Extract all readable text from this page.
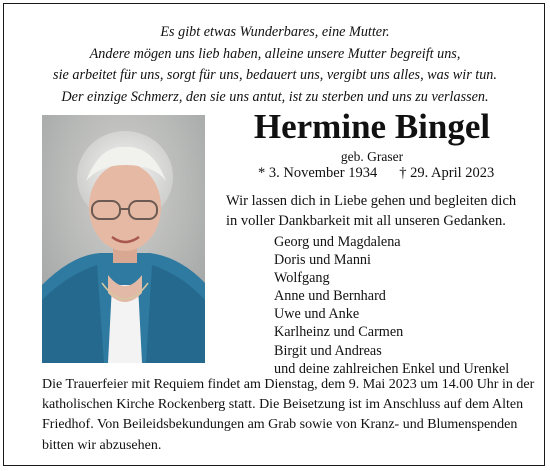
Es gibt etwas Wunderbares, eine Mutter.
Andere mögen uns lieb haben, alleine unsere Mutter begreift uns,
sie arbeitet für uns, sorgt für uns, bedauert uns, vergibt uns alles, was wir tun.
Der einzige Schmerz, den sie uns antut, ist zu sterben und uns zu verlassen.
Hermine Bingel
geb. Graser
* 3. November 1934 † 29. April 2023
Wir lassen dich in Liebe gehen und begleiten dich
in voller Dankbarkeit mit all unseren Gedanken.
Georg und Magdalena
Doris und Manni
Wolfgang
Anne und Bernhard
Uwe und Anke
Karlheinz und Carmen
Birgit und Andreas
und deine zahlreichen Enkel und Urenkel
Die Trauerfeier mit Requiem findet am Dienstag, dem 9. Mai 2023 um 14.00 Uhr in der
katholischen Kirche Rockenberg statt. Die Beisetzung ist im Anschluss auf dem Alten
Friedhof. Von Beileidsbekundungen am Grab sowie von Kranz- und Blumenspenden
bitten wir abzusehen.
